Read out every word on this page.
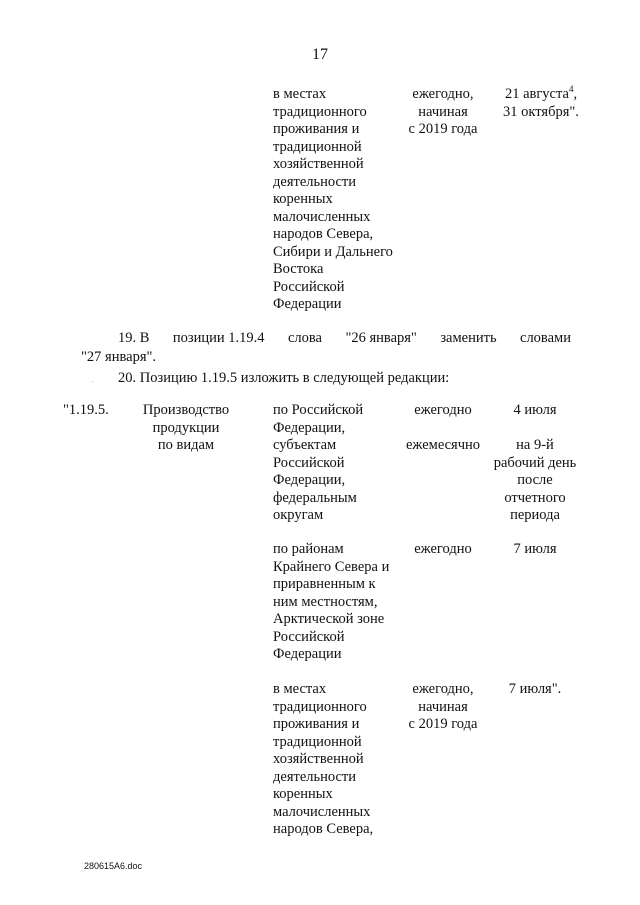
17
в местах
традиционного
проживания и
традиционной
хозяйственной
деятельности
коренных
малочисленных
народов Севера,
Сибири и Дальнего
Востока
Российской
Федерации
ежегодно,
начиная
с 2019 года
21 августа$^4$,
31 октября".
19. В позиции 1.19.4 слова "26 января" заменить словами
"27 января".
20. Позицию 1.19.5 изложить в следующей редакции:
"1.19.5.	Производство
продукции
по видам
по Российской
Федерации,
субъектам
Российской
Федерации,
федеральным
округам
ежегодно
ежемесячно
4 июля
на 9-й
рабочий день
после
отчетного
периода
по районам
Крайнего Севера и
приравненным к
ним местностям,
Арктической зоне
Российской
Федерации
ежегодно	7 июля
в местах
традиционного
проживания и
традиционной
хозяйственной
деятельности
коренных
малочисленных
народов Севера,
ежегодно,
начиная
с 2019 года
7 июля".
280615A6.doc
